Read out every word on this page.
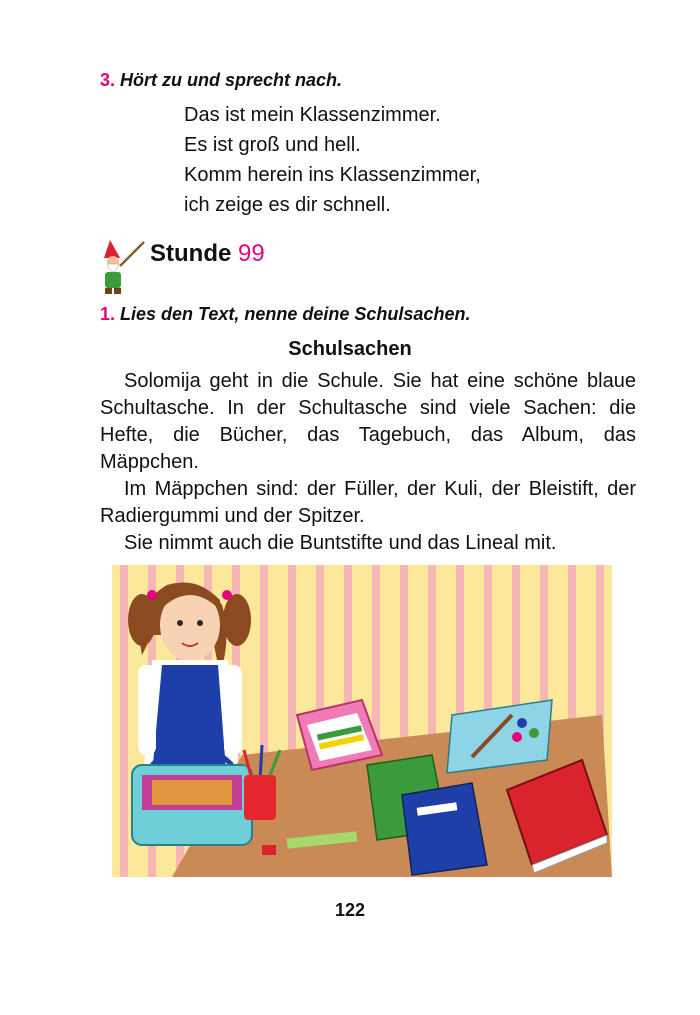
3. Hört zu und sprecht nach.
Das ist mein Klassenzimmer.
Es ist groß und hell.
Komm herein ins Klassenzimmer,
ich zeige es dir schnell.
Stunde 99
1. Lies den Text, nenne deine Schulsachen.
Schulsachen

Solomija geht in die Schule. Sie hat eine schöne blaue Schultasche. In der Schultasche sind viele Sachen: die Hefte, die Bücher, das Tagebuch, das Album, das Mäppchen.

Im Mäppchen sind: der Füller, der Kuli, der Bleistift, der Radiergummi und der Spitzer.

Sie nimmt auch die Buntstifte und das Lineal mit.

122
